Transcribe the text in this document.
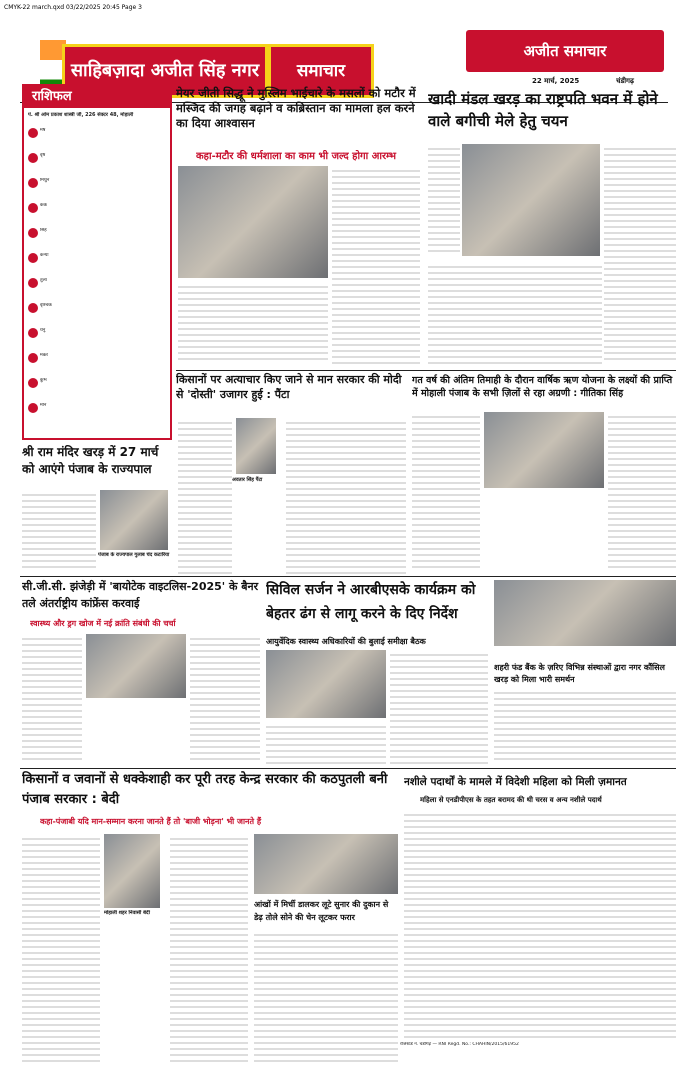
CMYK-22 march.qxd 03/22/2025 20:45 Page 3
साहिबज़ादा अजीत सिंह नगर	समाचार
अजीत समाचार
22 मार्च, 2025	चंडीगढ़
राशिफल
पं. श्री ओम प्रकाश शास्त्री जी, 226 सेक्टर 48, मोहाली
मेष
वृष
मिथुन
कर्क
सिंह
कन्या
तुला
वृश्चिक
धनु
मकर
कुंभ
मीन
मेयर जीती सिद्धू ने मुस्लिम भाईचारे के मसलों को मटौर में मस्जिद की जगह बढ़ाने व कब्रिस्तान का मामला हल करने का दिया आश्वासन
कहा-मटौर की धर्मशाला का काम भी जल्द होगा आरम्भ
खादी मंडल खरड़ का राष्ट्रपति भवन में होने वाले बगीची मेले हेतु चयन
किसानों पर अत्याचार किए जाने से मान सरकार की मोदी से 'दोस्ती' उजागर हुई : पैंटा
अवतार सिंह पैंटा
गत वर्ष की अंतिम तिमाही के दौरान वार्षिक ऋण योजना के लक्ष्यों की प्राप्ति में मोहाली पंजाब के सभी ज़िलों से रहा अग्रणी : गीतिका सिंह
श्री राम मंदिर खरड़ में 27 मार्च को आएंगे पंजाब के राज्यपाल
पंजाब के राज्यपाल गुलाब चंद कटारिया
सी.जी.सी. झंजेड़ी में 'बायोटेक वाइटलिस-2025' के बैनर तले अंतर्राष्ट्रीय कांफ्रेंस करवाई
स्वास्थ्य और ड्रग खोज में नई क्रांति संबंधी की चर्चा
सिविल सर्जन ने आरबीएसके कार्यक्रम को बेहतर ढंग से लागू करने के दिए निर्देश
आयुर्वेदिक स्वास्थ्य अधिकारियों की बुलाई समीक्षा बैठक
शहरी फंड बैंक के ज़रिए विभिन्न संस्थाओं द्वारा नगर कौंसिल खरड़ को मिला भारी समर्थन
किसानों व जवानों से धक्केशाही कर पूरी तरह केन्द्र सरकार की कठपुतली बनी पंजाब सरकार : बेदी
कहा-पंजाबी यदि मान-सम्मान करना जानते हैं तो 'बाजी भोड़ना' भी जानते हैं
मोहाली शहर निवासी बेदी
आंखों में मिर्ची डालकर लूटे सुनार की दुकान से डेढ़ तोले सोने की चेन लूटकर फरार
नशीले पदार्थों के मामले में विदेशी महिला को मिली ज़मानत
महिला से एनडीपीएस के तहत बरामद की थी चरस व अन्य नशीले पदार्थ
रजिस्टर्ड नं. चंडीगढ़ — RNI Regd. No.: CHAHIN/2015/61952
